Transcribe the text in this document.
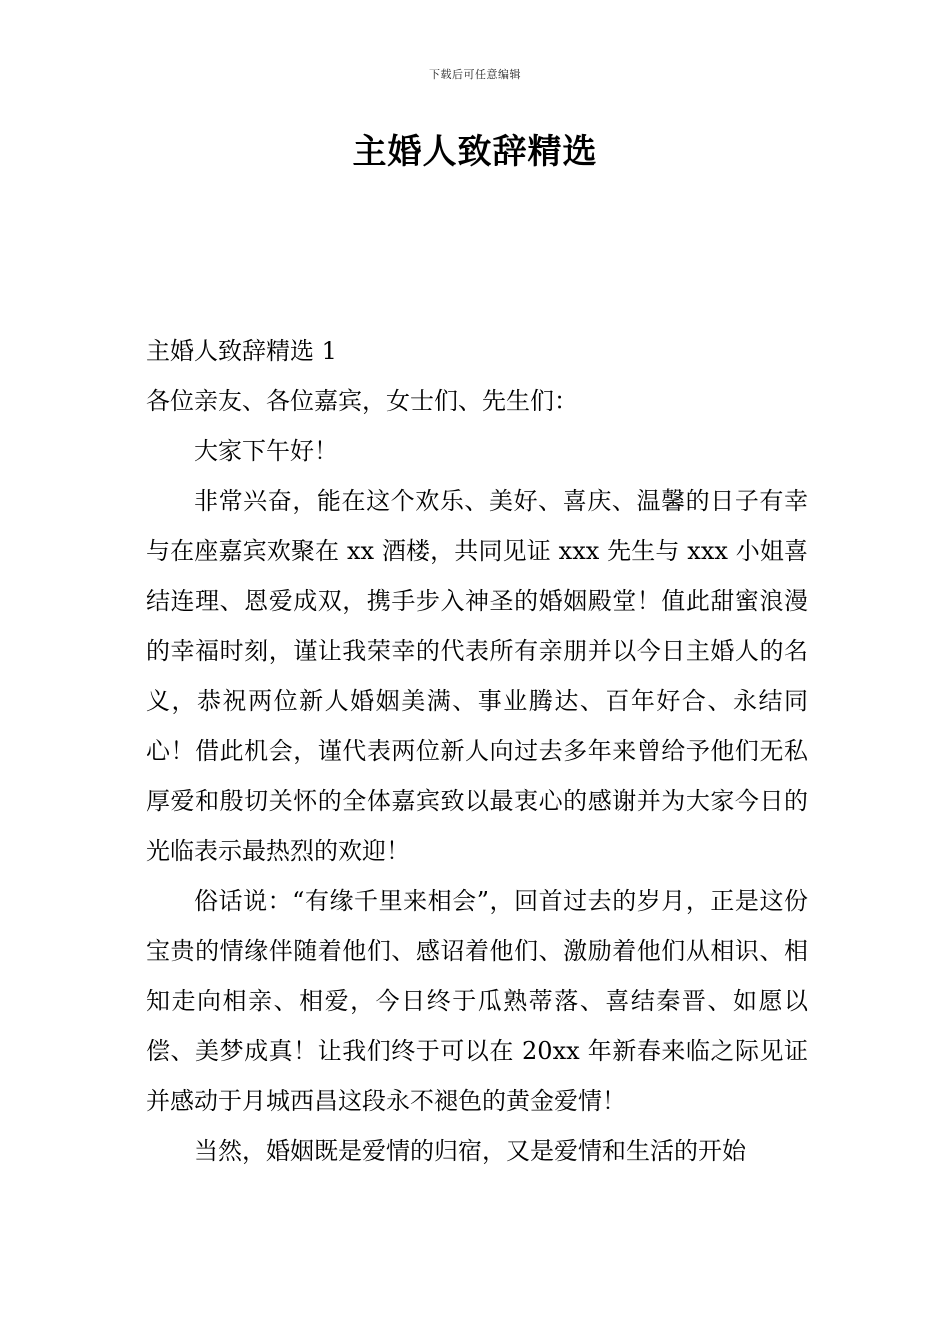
下载后可任意编辑
主婚人致辞精选

主婚人致辞精选 1

各位亲友、各位嘉宾，女士们、先生们：

大家下午好！

非常兴奋，能在这个欢乐、美好、喜庆、温馨的日子有幸与在座嘉宾欢聚在 xx 酒楼，共同见证 xxx 先生与 xxx 小姐喜结连理、恩爱成双，携手步入神圣的婚姻殿堂！值此甜蜜浪漫的幸福时刻，谨让我荣幸的代表所有亲朋并以今日主婚人的名义，恭祝两位新人婚姻美满、事业腾达、百年好合、永结同心！借此机会，谨代表两位新人向过去多年来曾给予他们无私厚爱和殷切关怀的全体嘉宾致以最衷心的感谢并为大家今日的光临表示最热烈的欢迎！

俗话说：“有缘千里来相会”，回首过去的岁月，正是这份宝贵的情缘伴随着他们、感诏着他们、激励着他们从相识、相知走向相亲、相爱，今日终于瓜熟蒂落、喜结秦晋、如愿以偿、美梦成真！让我们终于可以在 20xx 年新春来临之际见证并感动于月城西昌这段永不褪色的黄金爱情！

当然，婚姻既是爱情的归宿，又是爱情和生活的开始
